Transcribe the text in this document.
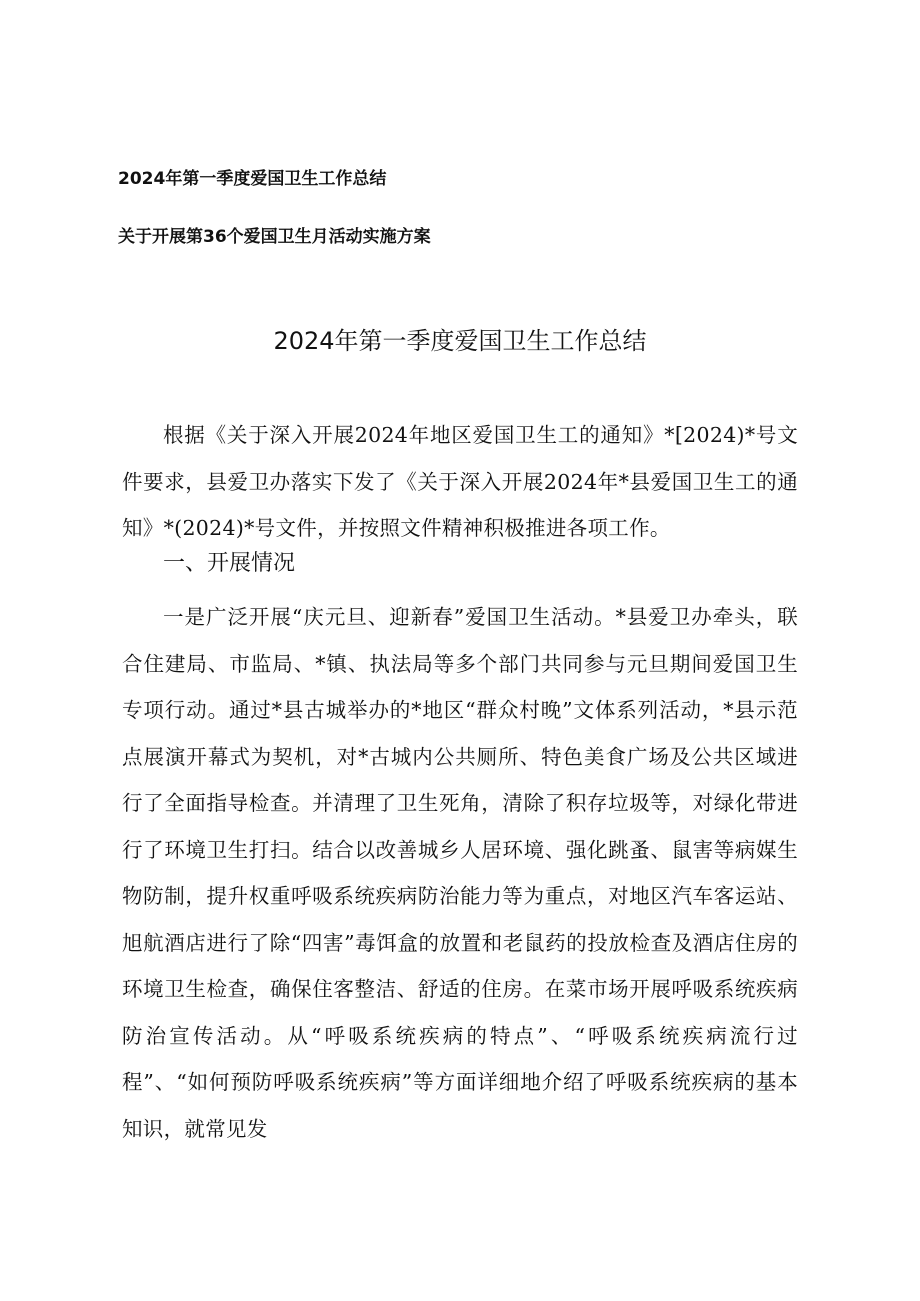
2024年第一季度爱国卫生工作总结
关于开展第36个爱国卫生月活动实施方案
2024年第一季度爱国卫生工作总结

根据《关于深入开展2024年地区爱国卫生工的通知》*[2024)*号文件要求，县爱卫办落实下发了《关于深入开展2024年*县爱国卫生工的通知》*(2024)*号文件，并按照文件精神积极推进各项工作。

一、开展情况

一是广泛开展“庆元旦、迎新春”爱国卫生活动。*县爱卫办牵头，联合住建局、市监局、*镇、执法局等多个部门共同参与元旦期间爱国卫生专项行动。通过*县古城举办的*地区“群众村晚”文体系列活动，*县示范点展演开幕式为契机，对*古城内公共厕所、特色美食广场及公共区域进行了全面指导检查。并清理了卫生死角，清除了积存垃圾等，对绿化带进行了环境卫生打扫。结合以改善城乡人居环境、强化跳蚤、鼠害等病媒生物防制，提升权重呼吸系统疾病防治能力等为重点，对地区汽车客运站、旭航酒店进行了除“四害”毒饵盒的放置和老鼠药的投放检查及酒店住房的环境卫生检查，确保住客整洁、舒适的住房。在菜市场开展呼吸系统疾病防治宣传活动。从“呼吸系统疾病的特点”、“呼吸系统疾病流行过程”、“如何预防呼吸系统疾病”等方面详细地介绍了呼吸系统疾病的基本知识，就常见发
